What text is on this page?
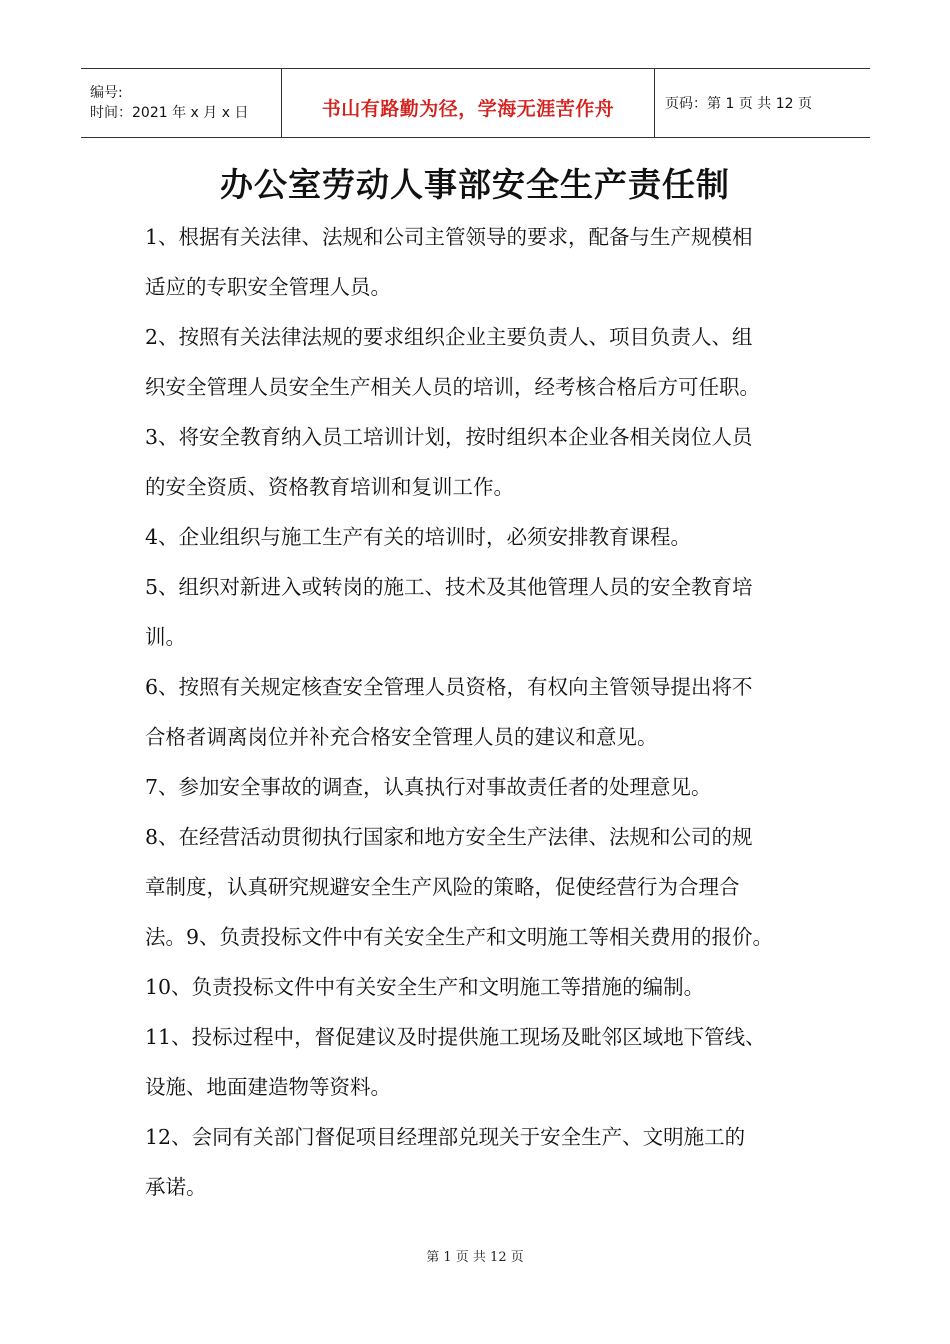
编号:
时间：2021 年 x 月 x 日	书山有路勤为径，学海无涯苦作舟	页码：第 1 页 共 12 页
办公室劳动人事部安全生产责任制

1、根据有关法律、法规和公司主管领导的要求，配备与生产规模相

适应的专职安全管理人员。

2、按照有关法律法规的要求组织企业主要负责人、项目负责人、组

织安全管理人员安全生产相关人员的培训，经考核合格后方可任职。

3、将安全教育纳入员工培训计划，按时组织本企业各相关岗位人员

的安全资质、资格教育培训和复训工作。

4、企业组织与施工生产有关的培训时，必须安排教育课程。

5、组织对新进入或转岗的施工、技术及其他管理人员的安全教育培

训。

6、按照有关规定核查安全管理人员资格，有权向主管领导提出将不

合格者调离岗位并补充合格安全管理人员的建议和意见。

7、参加安全事故的调查，认真执行对事故责任者的处理意见。

8、在经营活动贯彻执行国家和地方安全生产法律、法规和公司的规

章制度，认真研究规避安全生产风险的策略，促使经营行为合理合

法。9、负责投标文件中有关安全生产和文明施工等相关费用的报价。

10、负责投标文件中有关安全生产和文明施工等措施的编制。

11、投标过程中，督促建议及时提供施工现场及毗邻区域地下管线、

设施、地面建造物等资料。

12、会同有关部门督促项目经理部兑现关于安全生产、文明施工的

承诺。

第 1 页 共 12 页
